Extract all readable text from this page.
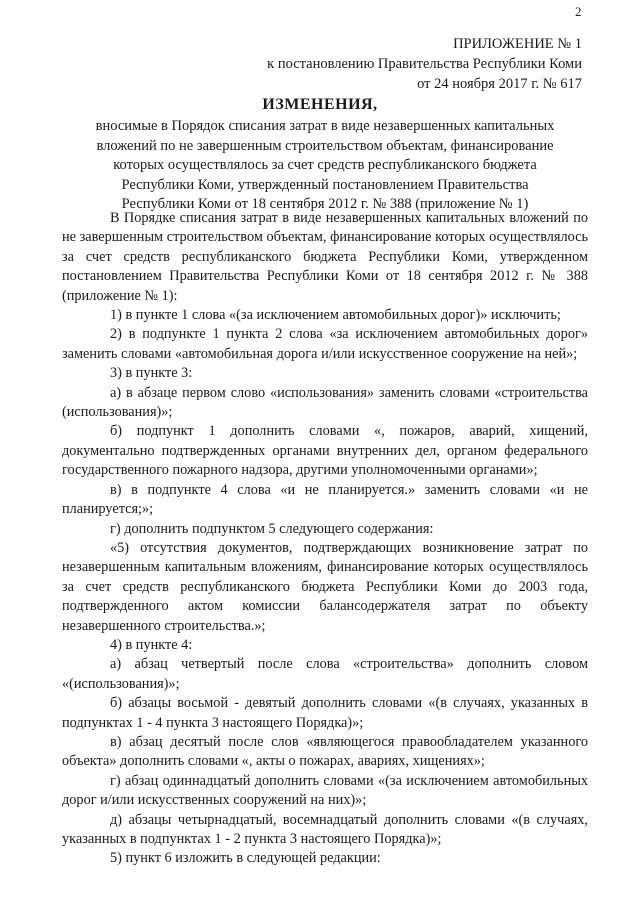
2
ПРИЛОЖЕНИЕ № 1
к постановлению Правительства Республики Коми
от 24 ноября 2017 г. № 617
ИЗМЕНЕНИЯ,
вносимые в Порядок списания затрат в виде незавершенных капитальных
вложений по не завершенным строительством объектам, финансирование
которых осуществлялось за счет средств республиканского бюджета
Республики Коми, утвержденный постановлением Правительства
Республики Коми от 18 сентября 2012 г. № 388 (приложение № 1)

В Порядке списания затрат в виде незавершенных капитальных вложений по не завершенным строительством объектам, финансирование которых осуществлялось за счет средств республиканского бюджета Республики Коми, утвержденном постановлением Правительства Республики Коми от 18 сентября 2012 г. № 388 (приложение № 1):

1) в пункте 1 слова «(за исключением автомобильных дорог)» исключить;

2) в подпункте 1 пункта 2 слова «за исключением автомобильных дорог» заменить словами «автомобильная дорога и/или искусственное сооружение на ней»;

3) в пункте 3:

а) в абзаце первом слово «использования» заменить словами «строительства (использования)»;

б) подпункт 1 дополнить словами «, пожаров, аварий, хищений, документально подтвержденных органами внутренних дел, органом федерального государственного пожарного надзора, другими уполномоченными органами»;

в) в подпункте 4 слова «и не планируется.» заменить словами «и не планируется;»;

г) дополнить подпунктом 5 следующего содержания:

«5) отсутствия документов, подтверждающих возникновение затрат по незавершенным капитальным вложениям, финансирование которых осуществлялось за счет средств республиканского бюджета Республики Коми до 2003 года, подтвержденного актом комиссии балансодержателя затрат по объекту незавершенного строительства.»;

4) в пункте 4:

а) абзац четвертый после слова «строительства» дополнить словом «(использования)»;

б) абзацы восьмой - девятый дополнить словами «(в случаях, указанных в подпунктах 1 - 4 пункта 3 настоящего Порядка)»;

в) абзац десятый после слов «являющегося правообладателем указанного объекта» дополнить словами «, акты о пожарах, авариях, хищениях»;

г) абзац одиннадцатый дополнить словами «(за исключением автомобильных дорог и/или искусственных сооружений на них)»;

д) абзацы четырнадцатый, восемнадцатый дополнить словами «(в случаях, указанных в подпунктах 1 - 2 пункта 3 настоящего Порядка)»;

5) пункт 6 изложить в следующей редакции:
